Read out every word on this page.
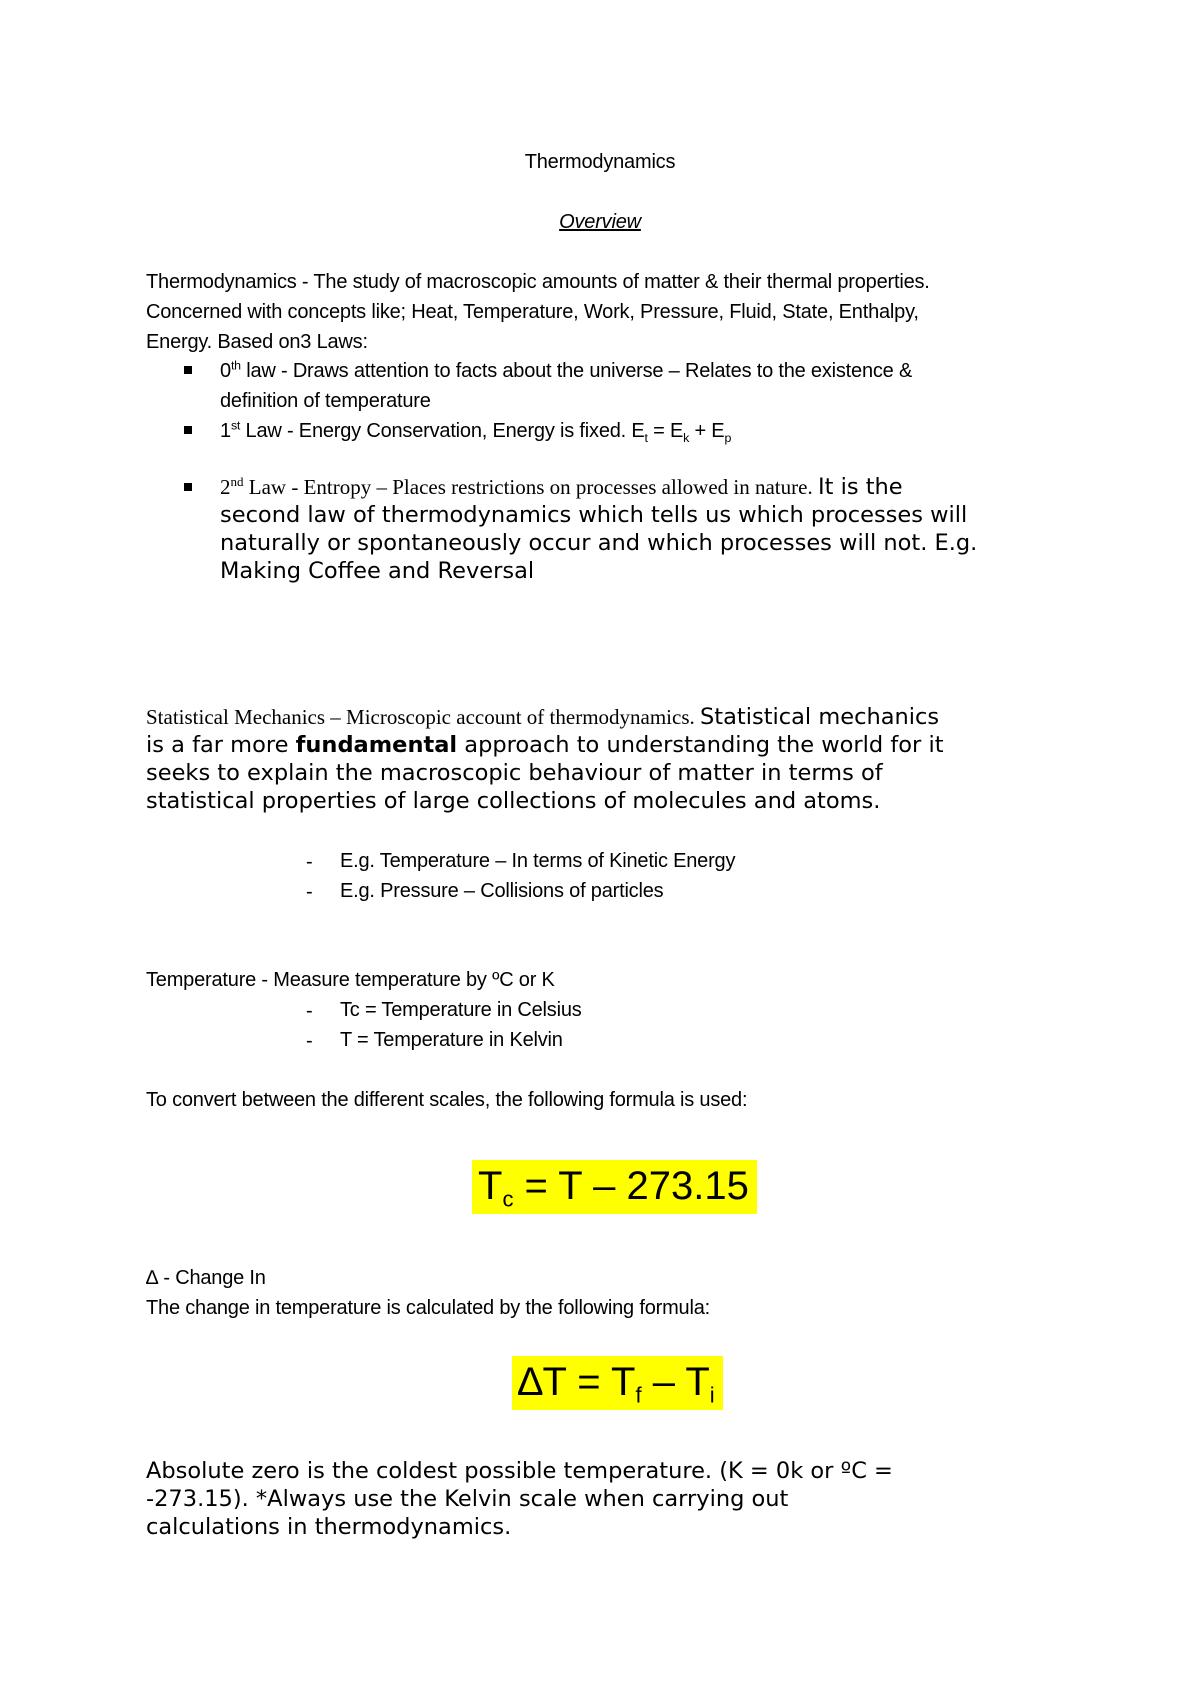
Thermodynamics
Overview
Thermodynamics - The study of macroscopic amounts of matter & their thermal properties.
Concerned with concepts like; Heat, Temperature, Work, Pressure, Fluid, State, Enthalpy,
Energy. Based on3 Laws:
0th law - Draws attention to facts about the universe – Relates to the existence &
definition of temperature
1st Law - Energy Conservation, Energy is fixed. $E_t = E_k + E_p$
2nd Law - Entropy – Places restrictions on processes allowed in nature. It is the
second law of thermodynamics which tells us which processes will
naturally or spontaneously occur and which processes will not. E.g.
Making Coffee and Reversal
Statistical Mechanics – Microscopic account of thermodynamics. Statistical mechanics
is a far more fundamental approach to understanding the world for it
seeks to explain the macroscopic behaviour of matter in terms of
statistical properties of large collections of molecules and atoms.
- E.g. Temperature – In terms of Kinetic Energy
- E.g. Pressure – Collisions of particles
Temperature - Measure temperature by ºC or K
- Tc = Temperature in Celsius
- T = Temperature in Kelvin
To convert between the different scales, the following formula is used:
$T_c = T - 273.15$
∆ - Change In
The change in temperature is calculated by the following formula:
$\Delta T = T_f - T_i$
Absolute zero is the coldest possible temperature. (K = 0k or ºC =
-273.15). *Always use the Kelvin scale when carrying out
calculations in thermodynamics.
